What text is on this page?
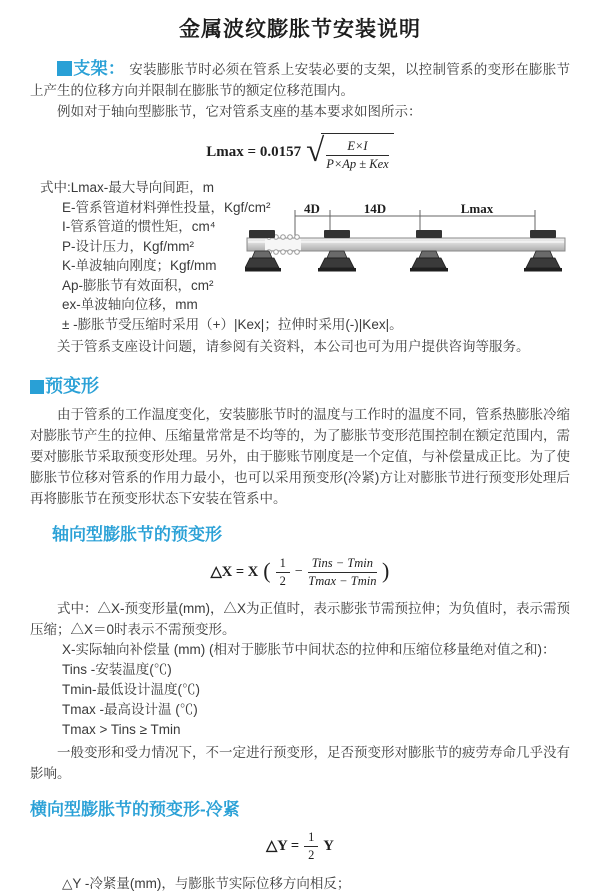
金属波纹膨胀节安装说明

支架： 安装膨胀节时必须在管系上安装必要的支架，以控制管系的变形在膨胀节上产生的位移方向并限制在膨胀节的额定位移范围内。

例如对于轴向型膨胀节，它对管系支座的基本要求如图所示：

Lmax = 0.0157 √ $\frac{E\times I}{\text{P×Ap ± Kex}}$
式中:Lmax-最大导向间距，m
E-管系管道材料弹性投量，Kgf/cm²
I-管系管道的惯性矩，cm⁴
P-设计压力，Kgf/mm²
K-单波轴向刚度；Kgf/mm
Ap-膨胀节有效面积，cm²
ex-单波轴向位移，mm
± -膨胀节受压缩时采用（+）|Kex|；拉伸时采用(-)|Kex|。
4D	14D	Lmax

关于管系支座设计问题，请参阅有关资料，本公司也可为用户提供咨询等服务。

预变形

由于管系的工作温度变化，安装膨胀节时的温度与工作时的温度不同，管系热膨胀冷缩对膨胀节产生的拉伸、压缩量常常是不均等的，为了膨胀节变形范围控制在额定范围内，需要对膨胀节采取预变形处理。另外，由于膨账节刚度是一个定值，与补偿量成正比。为了使膨胀节位移对管系的作用力最小，也可以采用预变形(冷紧)方让对膨胀节进行预变形处理后再将膨胀节在预变形状态下安装在管系中。

轴向型膨胀节的预变形
△X = X ( $\frac{1}{2} - \frac{\text{Tins − Tmin}}{Tmax - Tmin}$ )

式中：△X-预变形量(mm)，△X为正值时，表示膨张节需预拉伸；为负值时，表示需预压缩；△X＝0时表示不需预变形。

X-实际轴向补偿量 (mm) (相对于膨胀节中间状态的拉伸和压缩位移量绝对值之和)：
Tins -安装温度(℃)
Tmin-最低设计温度(℃)
Tmax -最高设计温 (℃)
Tmax > Tins ≥ Tmin

一般变形和受力情况下，不一定进行预变形，足否预变形对膨胀节的疲劳寿命几乎没有影响。

横向型膨胀节的预变形-冷紧
△Y = $\frac{1}{2}$ Y

△Y -冷紧量(mm)，与膨胀节实际位移方向相反；
